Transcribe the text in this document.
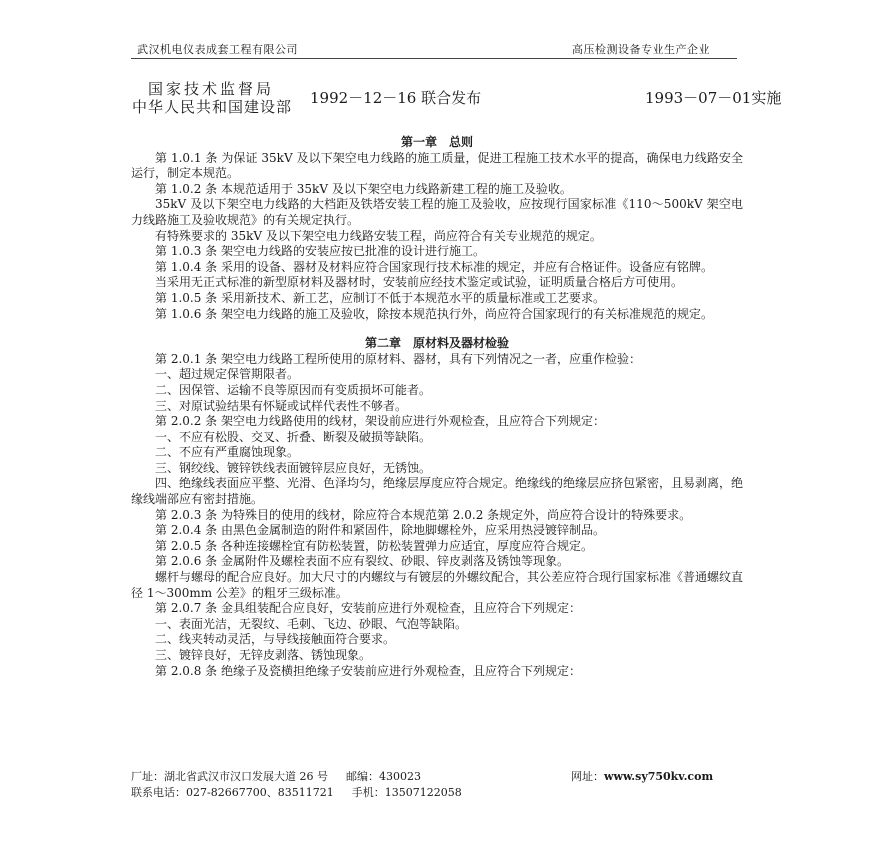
武汉机电仪表成套工程有限公司	高压检测设备专业生产企业
国家技术监督局
中华人民共和国建设部 1992－12－16 联合发布	1993－07－01实施

第一章　总则

第 1.0.1 条 为保证 35kV 及以下架空电力线路的施工质量，促进工程施工技术水平的提高，确保电力线路安全运行，制定本规范。

第 1.0.2 条 本规范适用于 35kV 及以下架空电力线路新建工程的施工及验收。

35kV 及以下架空电力线路的大档距及铁塔安装工程的施工及验收，应按现行国家标准《110～500kV 架空电力线路施工及验收规范》的有关规定执行。

有特殊要求的 35kV 及以下架空电力线路安装工程，尚应符合有关专业规范的规定。

第 1.0.3 条 架空电力线路的安装应按已批准的设计进行施工。

第 1.0.4 条 采用的设备、器材及材料应符合国家现行技术标准的规定，并应有合格证件。设备应有铭牌。

当采用无正式标准的新型原材料及器材时，安装前应经技术鉴定或试验，证明质量合格后方可使用。

第 1.0.5 条 采用新技术、新工艺，应制订不低于本规范水平的质量标准或工艺要求。

第 1.0.6 条 架空电力线路的施工及验收，除按本规范执行外，尚应符合国家现行的有关标准规范的规定。

第二章　原材料及器材检验

第 2.0.1 条 架空电力线路工程所使用的原材料、器材，具有下列情况之一者，应重作检验：

一、超过规定保管期限者。

二、因保管、运输不良等原因而有变质损坏可能者。

三、对原试验结果有怀疑或试样代表性不够者。

第 2.0.2 条 架空电力线路使用的线材，架设前应进行外观检查，且应符合下列规定：

一、不应有松股、交叉、折叠、断裂及破损等缺陷。

二、不应有严重腐蚀现象。

三、钢绞线、镀锌铁线表面镀锌层应良好，无锈蚀。

四、绝缘线表面应平整、光滑、色泽均匀，绝缘层厚度应符合规定。绝缘线的绝缘层应挤包紧密，且易剥离，绝缘线端部应有密封措施。

第 2.0.3 条 为特殊目的使用的线材，除应符合本规范第 2.0.2 条规定外，尚应符合设计的特殊要求。

第 2.0.4 条 由黑色金属制造的附件和紧固件，除地脚螺栓外，应采用热浸镀锌制品。

第 2.0.5 条 各种连接螺栓宜有防松装置，防松装置弹力应适宜，厚度应符合规定。

第 2.0.6 条 金属附件及螺栓表面不应有裂纹、砂眼、锌皮剥落及锈蚀等现象。

螺杆与螺母的配合应良好。加大尺寸的内螺纹与有镀层的外螺纹配合，其公差应符合现行国家标准《普通螺纹直径 1～300mm 公差》的粗牙三级标准。

第 2.0.7 条 金具组装配合应良好，安装前应进行外观检查，且应符合下列规定：

一、表面光洁，无裂纹、毛刺、飞边、砂眼、气泡等缺陷。

二、线夹转动灵活，与导线接触面符合要求。

三、镀锌良好，无锌皮剥落、锈蚀现象。

第 2.0.8 条 绝缘子及瓷横担绝缘子安装前应进行外观检查，且应符合下列规定：

厂址：湖北省武汉市汉口发展大道 26 号 邮编：430023	网址：www.sy750kv.com
联系电话：027-82667700、83511721 手机：13507122058
